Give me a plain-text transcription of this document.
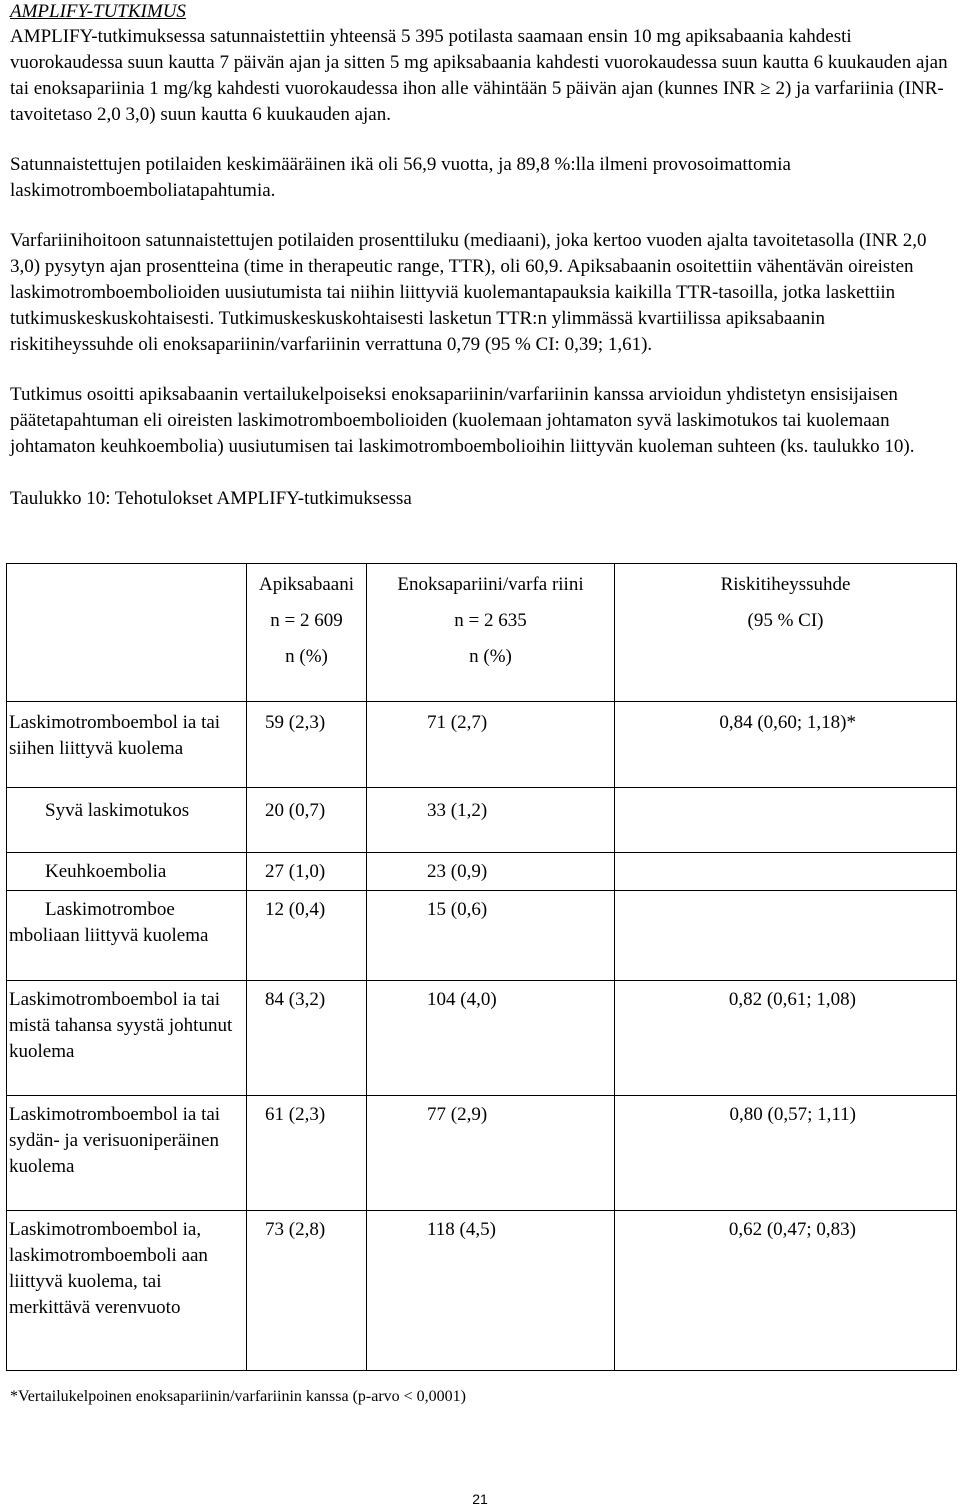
AMPLIFY-TUTKIMUS

AMPLIFY-tutkimuksessa satunnaistettiin yhteensä 5 395 potilasta saamaan ensin 10 mg apiksabaania kahdesti vuorokaudessa suun kautta 7 päivän ajan ja sitten 5 mg apiksabaania kahdesti vuorokaudessa suun kautta 6 kuukauden ajan tai enoksapariinia 1 mg/kg kahdesti vuorokaudessa ihon alle vähintään 5 päivän ajan (kunnes INR ≥ 2) ja varfariinia (INR-tavoitetaso 2,0 3,0) suun kautta 6 kuukauden ajan.

Satunnaistettujen potilaiden keskimääräinen ikä oli 56,9 vuotta, ja 89,8 %:lla ilmeni provosoimattomia laskimotromboemboliatapahtumia.

Varfariinihoitoon satunnaistettujen potilaiden prosenttiluku (mediaani), joka kertoo vuoden ajalta tavoitetasolla (INR 2,0 3,0) pysytyn ajan prosentteina (time in therapeutic range, TTR), oli 60,9. Apiksabaanin osoitettiin vähentävän oireisten laskimotromboembolioiden uusiutumista tai niihin liittyviä kuolemantapauksia kaikilla TTR-tasoilla, jotka laskettiin tutkimuskeskuskohtaisesti. Tutkimuskeskuskohtaisesti lasketun TTR:n ylimmässä kvartiilissa apiksabaanin riskitiheyssuhde oli enoksapariinin/varfariinin verrattuna 0,79 (95 % CI: 0,39; 1,61).

Tutkimus osoitti apiksabaanin vertailukelpoiseksi enoksapariinin/varfariinin kanssa arvioidun yhdistetyn ensisijaisen päätetapahtuman eli oireisten laskimotromboembolioiden (kuolemaan johtamaton syvä laskimotukos tai kuolemaan johtamaton keuhkoembolia) uusiutumisen tai laskimotromboembolioihin liittyvän kuoleman suhteen (ks. taulukko 10).

Taulukko 10: Tehotulokset AMPLIFY-tutkimuksessa

	Apiksabaani
n = 2 609
n (%)	Enoksapariini/varfa riini
n = 2 635
n (%)	Riskitiheyssuhde
(95 % CI)

Laskimotromboembol ia tai siihen liittyvä kuolema	59 (2,3)	71 (2,7)	0,84 (0,60; 1,18)*
Syvä laskimotukos	20 (0,7)	33 (1,2)	
Keuhkoembolia	27 (1,0)	23 (0,9)	
Laskimotromboe mboliaan liittyvä kuolema	12 (0,4)	15 (0,6)	
Laskimotromboembol ia tai mistä tahansa syystä johtunut kuolema	84 (3,2)	104 (4,0)	0,82 (0,61; 1,08)
Laskimotromboembol ia tai sydän- ja verisuoniperäinen kuolema	61 (2,3)	77 (2,9)	0,80 (0,57; 1,11)
Laskimotromboembol ia, laskimotromboemboli aan liittyvä kuolema, tai merkittävä verenvuoto	73 (2,8)	118 (4,5)	0,62 (0,47; 0,83)
*Vertailukelpoinen enoksapariinin/varfariinin kanssa (p-arvo < 0,0001)
21
